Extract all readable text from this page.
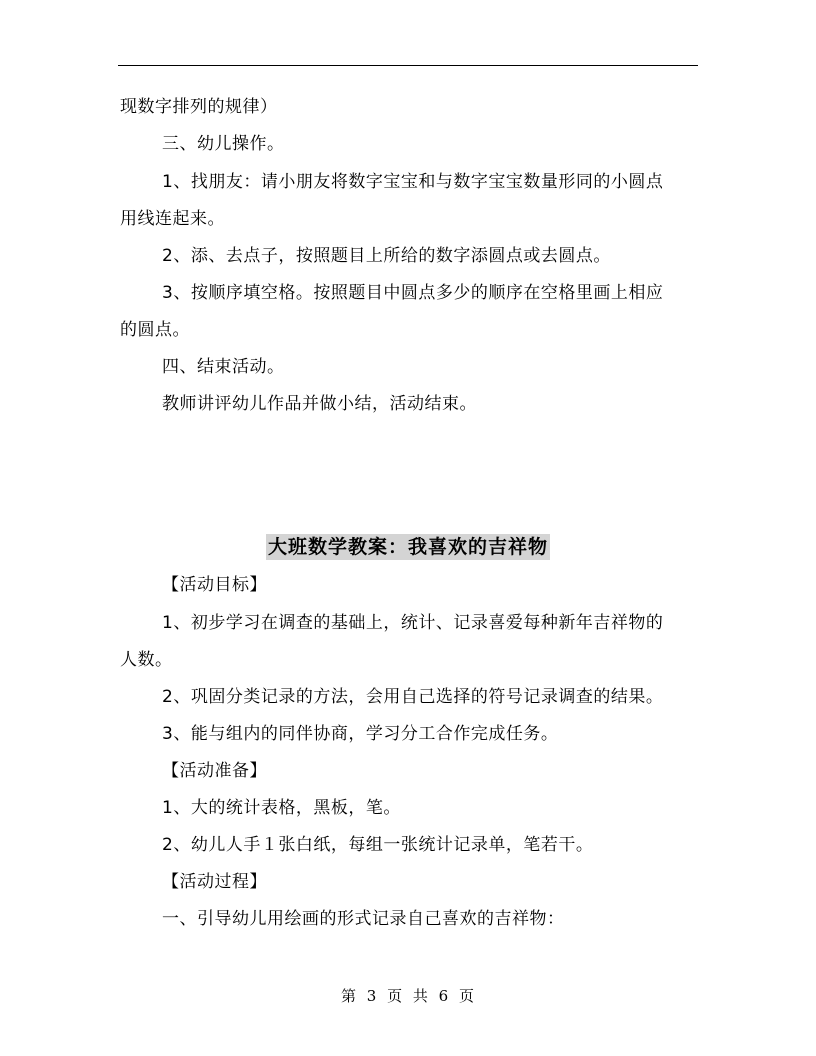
现数字排列的规律）
三、幼儿操作。
1、找朋友：请小朋友将数字宝宝和与数字宝宝数量形同的小圆点
用线连起来。
2、添、去点子，按照题目上所给的数字添圆点或去圆点。
3、按顺序填空格。按照题目中圆点多少的顺序在空格里画上相应
的圆点。
四、结束活动。
教师讲评幼儿作品并做小结，活动结束。
大班数学教案：我喜欢的吉祥物
【活动目标】
1、初步学习在调查的基础上，统计、记录喜爱每种新年吉祥物的
人数。
2、巩固分类记录的方法，会用自己选择的符号记录调查的结果。
3、能与组内的同伴协商，学习分工合作完成任务。
【活动准备】
1、大的统计表格，黑板，笔。
2、幼儿人手１张白纸，每组一张统计记录单，笔若干。
【活动过程】
一、引导幼儿用绘画的形式记录自己喜欢的吉祥物：
第 3 页 共 6 页
